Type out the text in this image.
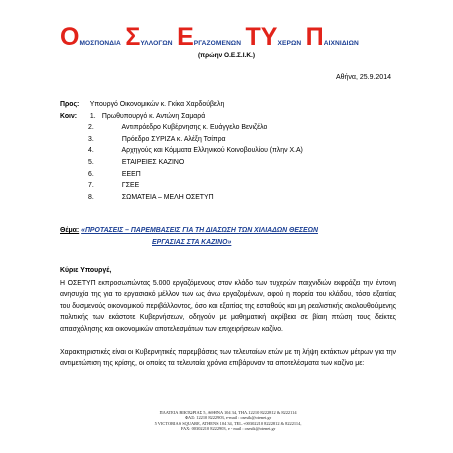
ΟΜΟΣΠΟΝΔΙΑ ΣΥΛΛΟΓΩΝ ΕΡΓΑΖΟΜΕΝΩΝ ΤΥΧΕΡΩΝ ΠΑΙΧΝΙΔΙΩΝ
(πρώην Ο.Ε.Σ.Ι.Κ.)
Αθήνα, 25.9.2014
Προς: Υπουργό Οικονομικών κ. Γκίκα Χαρδούβελη
Κοιν: 1. Πρωθυπουργό κ. Αντώνη Σαμαρά
2.	Αντιπρόεδρο Κυβέρνησης κ. Ευάγγελο Βενιζέλο
3.	Πρόεδρο ΣΥΡΙΖΑ κ. Αλέξη Τσίπρα
4.	Αρχηγούς και Κόμματα Ελληνικού Κοινοβουλίου (πλην Χ.Α)
5.	ΕΤΑΙΡΕΙΕΣ ΚΑΖΙΝΟ
6.	ΕΕΕΠ
7.	ΓΣΕΕ
8.	ΣΩΜΑΤΕΙΑ – ΜΕΛΗ ΟΣΕΤΥΠ
Θέμα: «ΠΡΟΤΑΣΕΙΣ – ΠΑΡΕΜΒΑΣΕΙΣ ΓΙΑ ΤΗ ΔΙΑΣΩΣΗ ΤΩΝ ΧΙΛΙΑΔΩΝ ΘΕΣΕΩΝ
ΕΡΓΑΣΙΑΣ ΣΤΑ ΚΑΖΙΝΟ»

Κύριε Υπουργέ,

Η ΟΣΕΤΥΠ εκπροσωπώντας 5.000 εργαζόμενους στον κλάδο των τυχερών παιχνιδιών εκφράζει την έντονη ανησυχία της για το εργασιακό μέλλον των ως άνω εργαζομένων, αφού η πορεία του κλάδου, τόσο εξαιτίας του δυσμενούς οικονομικού περιβάλλοντος, όσο και εξαιτίας της εσταθούς και μη ρεαλιστικής ακολουθούμενης πολιτικής των εκάστοτε Κυβερνήσεων, οδηγούν με μαθηματική ακρίβεια σε βίαιη πτώση τους δείκτες απασχόλησης και οικονομικών αποτελεσμάτων των επιχειρήσεων καζίνο.

Χαρακτηριστικές είναι οι Κυβερνητικές παρεμβάσεις των τελευταίων ετών με τη λήψη εκτάκτων μέτρων για την αντιμετώπιση της κρίσης, οι οποίες τα τελευταία χρόνια επιβάρυναν τα αποτελέσματα των καζίνο με:

ΠΛΑΤΕΙΑ ΒΙΚΤΩΡΙΑΣ 5, ΑΘΗΝΑ 104 34, ΤΗΛ.12210 8222812 & 8222114
ΦΑΞ: 12210 8222903, e-mail : osesik@otenet.gr
5 VICTORIAS SQUARE, ATHENS 104 34, TEL.+00302210 8222812 & 8222114,
FAX: 00302210 8222903, e - mail : osesik@otenet.gr
